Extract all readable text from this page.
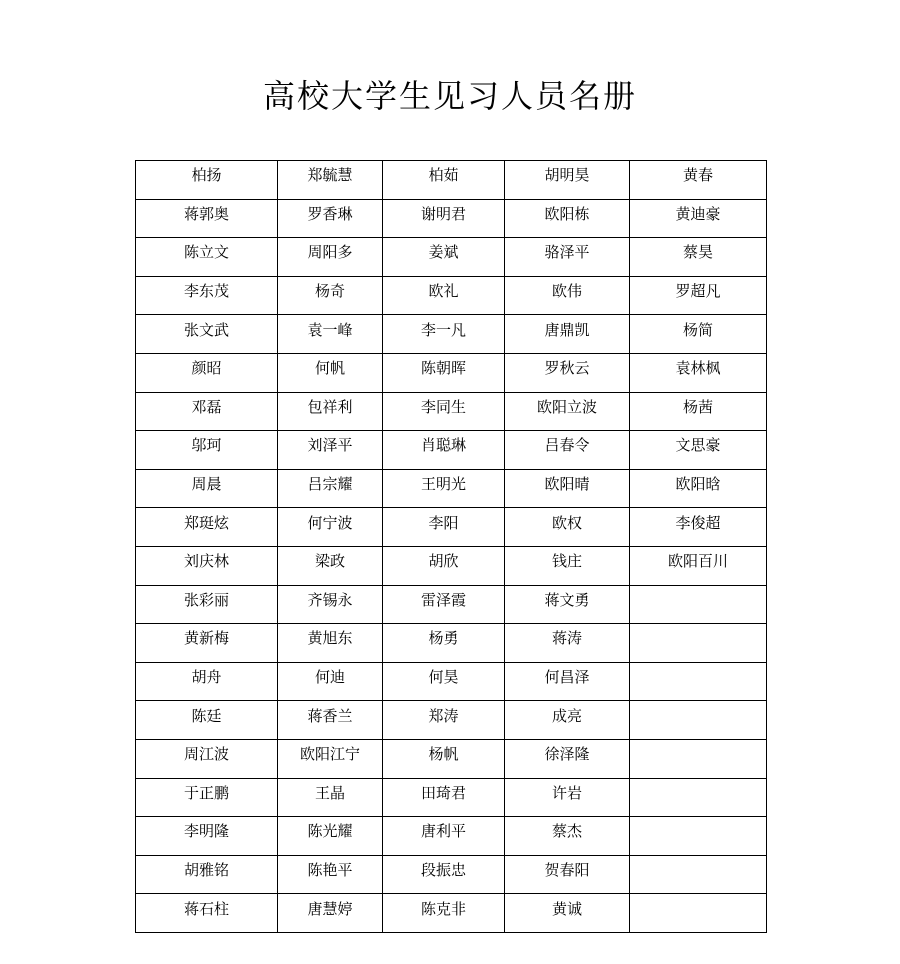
高校大学生见习人员名册
柏扬	郑毓慧	柏茹	胡明昊	黄春
蒋郭奥	罗香琳	谢明君	欧阳栋	黄迪豪
陈立文	周阳多	姜斌	骆泽平	蔡昊
李东茂	杨奇	欧礼	欧伟	罗超凡
张文武	袁一峰	李一凡	唐鼎凯	杨简
颜昭	何帆	陈朝晖	罗秋云	袁林枫
邓磊	包祥利	李同生	欧阳立波	杨茜
邬珂	刘泽平	肖聪琳	吕春令	文思豪
周晨	吕宗耀	王明光	欧阳晴	欧阳晗
郑珽炫	何宁波	李阳	欧权	李俊超
刘庆林	梁政	胡欣	钱庄	欧阳百川
张彩丽	齐锡永	雷泽霞	蒋文勇	
黄新梅	黄旭东	杨勇	蒋涛	
胡舟	何迪	何昊	何昌泽	
陈廷	蒋香兰	郑涛	成亮	
周江波	欧阳江宁	杨帆	徐泽隆	
于正鹏	王晶	田琦君	许岩	
李明隆	陈光耀	唐利平	蔡杰	
胡雅铭	陈艳平	段振忠	贺春阳	
蒋石柱	唐慧婷	陈克非	黄诚	
